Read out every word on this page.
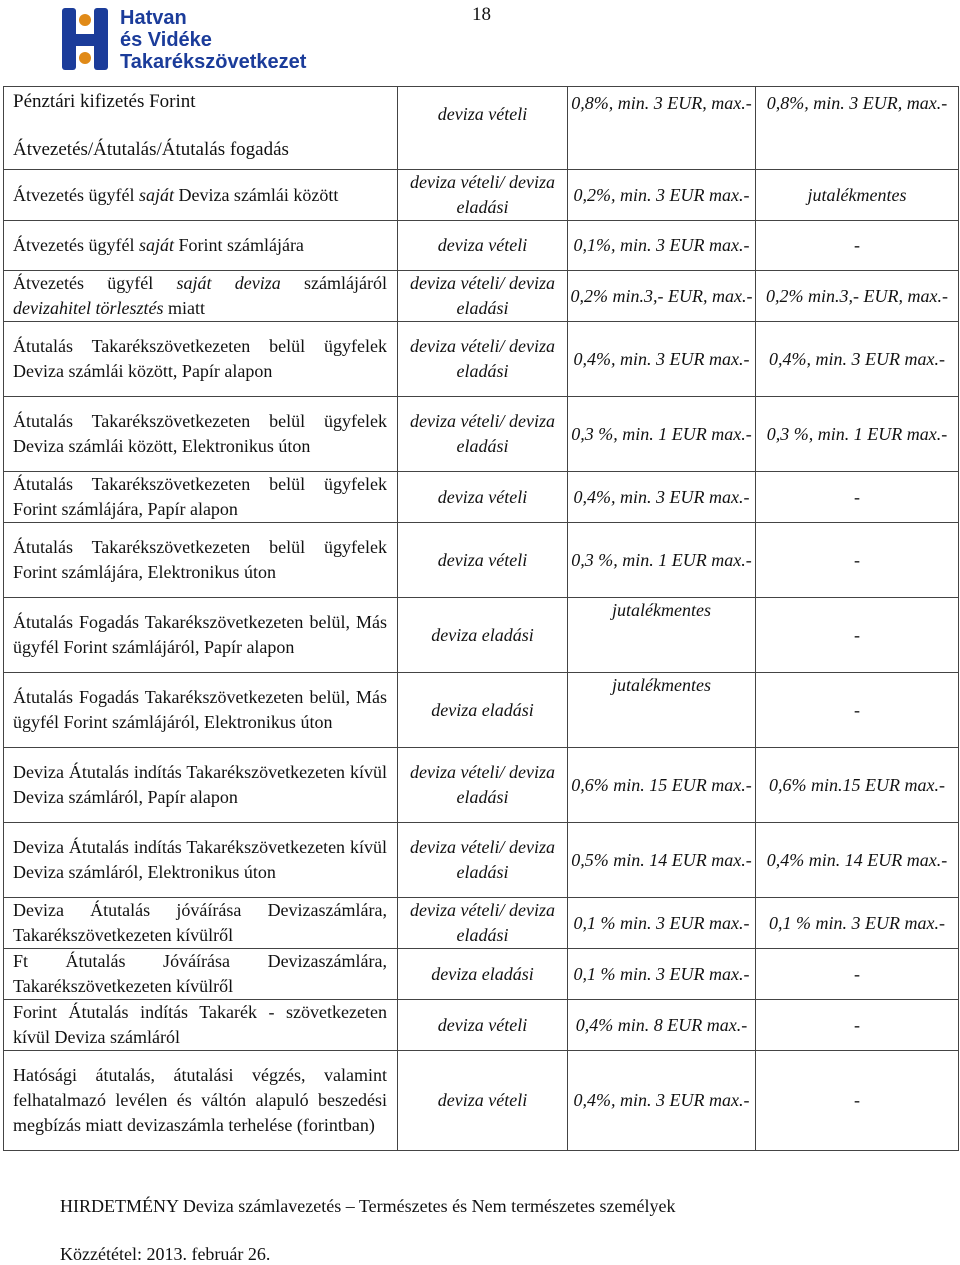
Hatvan
és Vidéke
Takarékszövetkezet
18
Pénztári kifizetés Forint
Átvezetés/Átutalás/Átutalás fogadás	deviza vételi	0,8%, min. 3 EUR, max.-	0,8%, min. 3 EUR, max.-

Átvezetés ügyfél saját Deviza számlái között	deviza vételi/ deviza eladási	0,2%, min. 3 EUR max.-	jutalékmentes

Átvezetés ügyfél saját Forint számlájára	deviza vételi	0,1%, min. 3 EUR max.-	-

Átvezetés ügyfél saját deviza számlájáról devizahitel törlesztés miatt	deviza vételi/ deviza eladási	0,2% min.3,- EUR, max.-	0,2% min.3,- EUR, max.-

Átutalás Takarékszövetkezeten belül ügyfelek Deviza számlái között, Papír alapon	deviza vételi/ deviza eladási	0,4%, min. 3 EUR max.-	0,4%, min. 3 EUR max.-

Átutalás Takarékszövetkezeten belül ügyfelek Deviza számlái között, Elektronikus úton	deviza vételi/ deviza eladási	0,3 %, min. 1 EUR max.-	0,3 %, min. 1 EUR max.-

Átutalás Takarékszövetkezeten belül ügyfelek Forint számlájára, Papír alapon	deviza vételi	0,4%, min. 3 EUR max.-	-

Átutalás Takarékszövetkezeten belül ügyfelek Forint számlájára, Elektronikus úton	deviza vételi	0,3 %, min. 1 EUR max.-	-

Átutalás Fogadás Takarékszövetkezeten belül, Más ügyfél Forint számlájáról, Papír alapon	deviza eladási	jutalékmentes	-

Átutalás Fogadás Takarékszövetkezeten belül, Más ügyfél Forint számlájáról, Elektronikus úton	deviza eladási	jutalékmentes	-

Deviza Átutalás indítás Takarékszövetkezeten kívül Deviza számláról, Papír alapon	deviza vételi/ deviza eladási	0,6% min. 15 EUR max.-	0,6% min.15 EUR max.-

Deviza Átutalás indítás Takarékszövetkezeten kívül Deviza számláról, Elektronikus úton	deviza vételi/ deviza eladási	0,5% min. 14 EUR max.-	0,4% min. 14 EUR max.-

Deviza Átutalás jóváírása Devizaszámlára, Takarékszövetkezeten kívülről	deviza vételi/ deviza eladási	0,1 % min. 3 EUR max.-	0,1 % min. 3 EUR max.-

Ft Átutalás Jóváírása Devizaszámlára, Takarékszövetkezeten kívülről	deviza eladási	0,1 % min. 3 EUR max.-	-

Forint Átutalás indítás Takarék - szövetkezeten kívül Deviza számláról	deviza vételi	0,4% min. 8 EUR max.-	-

Hatósági átutalás, átutalási végzés, valamint felhatalmazó levélen és váltón alapuló beszedési megbízás miatt devizaszámla terhelése (forintban)	deviza vételi	0,4%, min. 3 EUR max.-	-
HIRDETMÉNY Deviza számlavezetés – Természetes és Nem természetes személyek
Közzététel: 2013. február 26.
